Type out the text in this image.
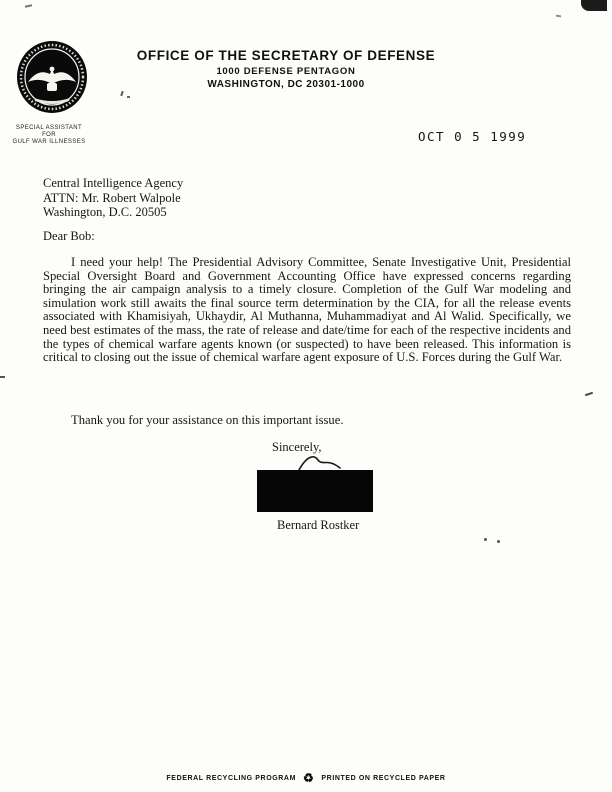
SPECIAL ASSISTANT
FOR
GULF WAR ILLNESSES
OFFICE OF THE SECRETARY OF DEFENSE
1000 DEFENSE PENTAGON
WASHINGTON, DC 20301-1000
OCT 0 5 1999
Central Intelligence Agency
ATTN: Mr. Robert Walpole
Washington, D.C. 20505
Dear Bob:
I need your help! The Presidential Advisory Committee, Senate Investigative Unit, Presidential Special Oversight Board and Government Accounting Office have expressed concerns regarding bringing the air campaign analysis to a timely closure. Completion of the Gulf War modeling and simulation work still awaits the final source term determination by the CIA, for all the release events associated with Khamisiyah, Ukhaydir, Al Muthanna, Muhammadiyat and Al Walid. Specifically, we need best estimates of the mass, the rate of release and date/time for each of the respective incidents and the types of chemical warfare agents known (or suspected) to have been released. This information is critical to closing out the issue of chemical warfare agent exposure of U.S. Forces during the Gulf War.
Thank you for your assistance on this important issue.
Sincerely,
Bernard Rostker
FEDERAL RECYCLING PROGRAM ♻ PRINTED ON RECYCLED PAPER
